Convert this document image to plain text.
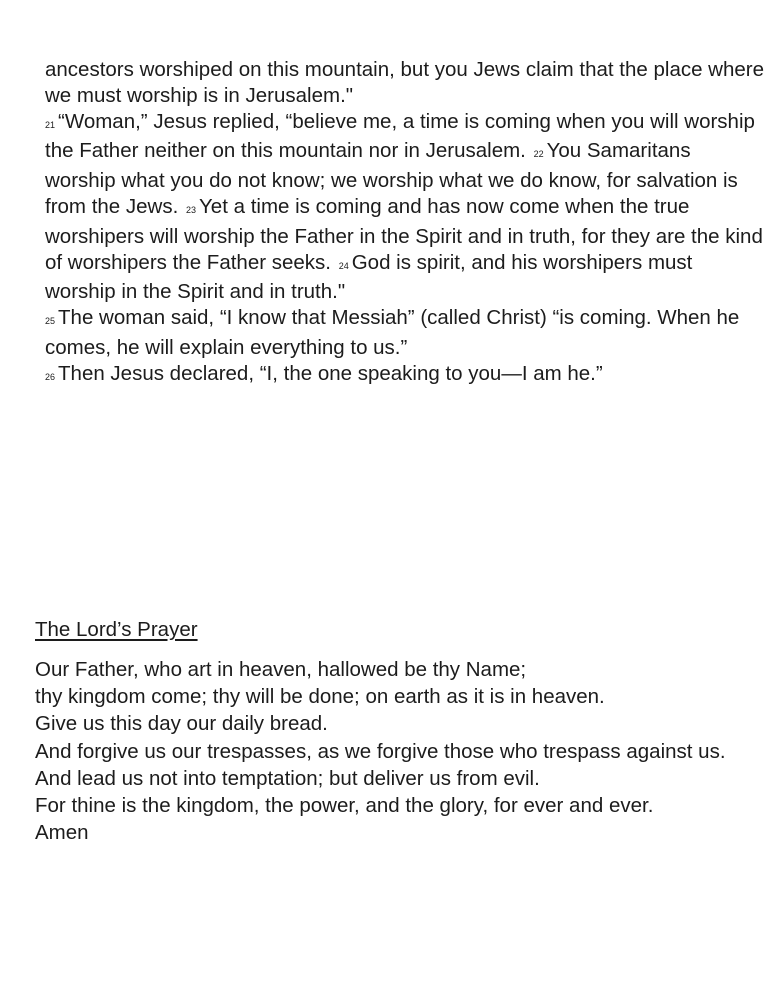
ancestors worshiped on this mountain, but you Jews claim that the place where we must worship is in Jerusalem."

21 “Woman,” Jesus replied, “believe me, a time is coming when you will worship the Father neither on this mountain nor in Jerusalem. 22 You Samaritans worship what you do not know; we worship what we do know, for salvation is from the Jews. 23 Yet a time is coming and has now come when the true worshipers will worship the Father in the Spirit and in truth, for they are the kind of worshipers the Father seeks. 24 God is spirit, and his worshipers must worship in the Spirit and in truth."

25 The woman said, “I know that Messiah” (called Christ) “is coming. When he comes, he will explain everything to us.”

26 Then Jesus declared, “I, the one speaking to you—I am he.”

The Lord’s Prayer

Our Father, who art in heaven, hallowed be thy Name;

thy kingdom come; thy will be done; on earth as it is in heaven.

Give us this day our daily bread.

And forgive us our trespasses, as we forgive those who trespass against us.

And lead us not into temptation; but deliver us from evil.

For thine is the kingdom, the power, and the glory, for ever and ever.

Amen
